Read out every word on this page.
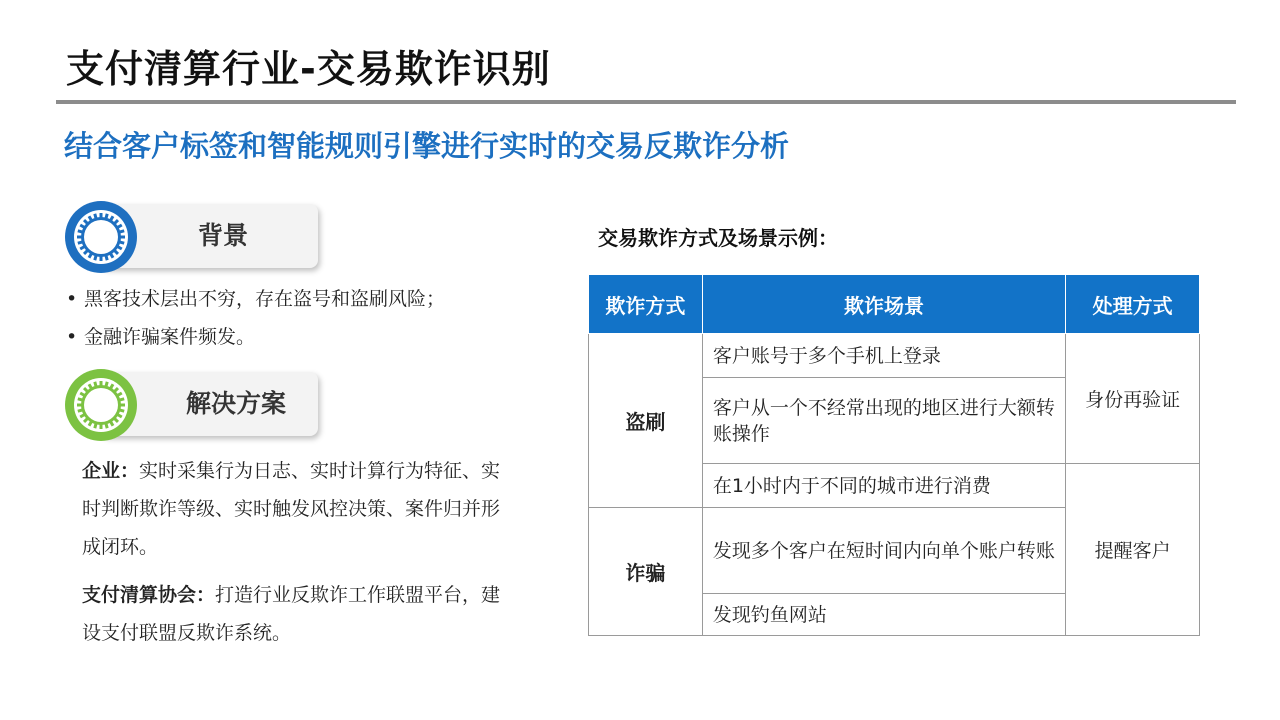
支付清算行业-交易欺诈识别
结合客户标签和智能规则引擎进行实时的交易反欺诈分析
背景
• 黑客技术层出不穷，存在盗号和盗刷风险；
• 金融诈骗案件频发。
解决方案
企业：实时采集行为日志、实时计算行为特征、实时判断欺诈等级、实时触发风控决策、案件归并形成闭环。
支付清算协会：打造行业反欺诈工作联盟平台，建设支付联盟反欺诈系统。
交易欺诈方式及场景示例：
欺诈方式	欺诈场景	处理方式
盗刷	客户账号于多个手机上登录	身份再验证
	客户从一个不经常出现的地区进行大额转账操作	
	在1小时内于不同的城市进行消费	提醒客户
诈骗	发现多个客户在短时间内向单个账户转账	
	发现钓鱼网站	
